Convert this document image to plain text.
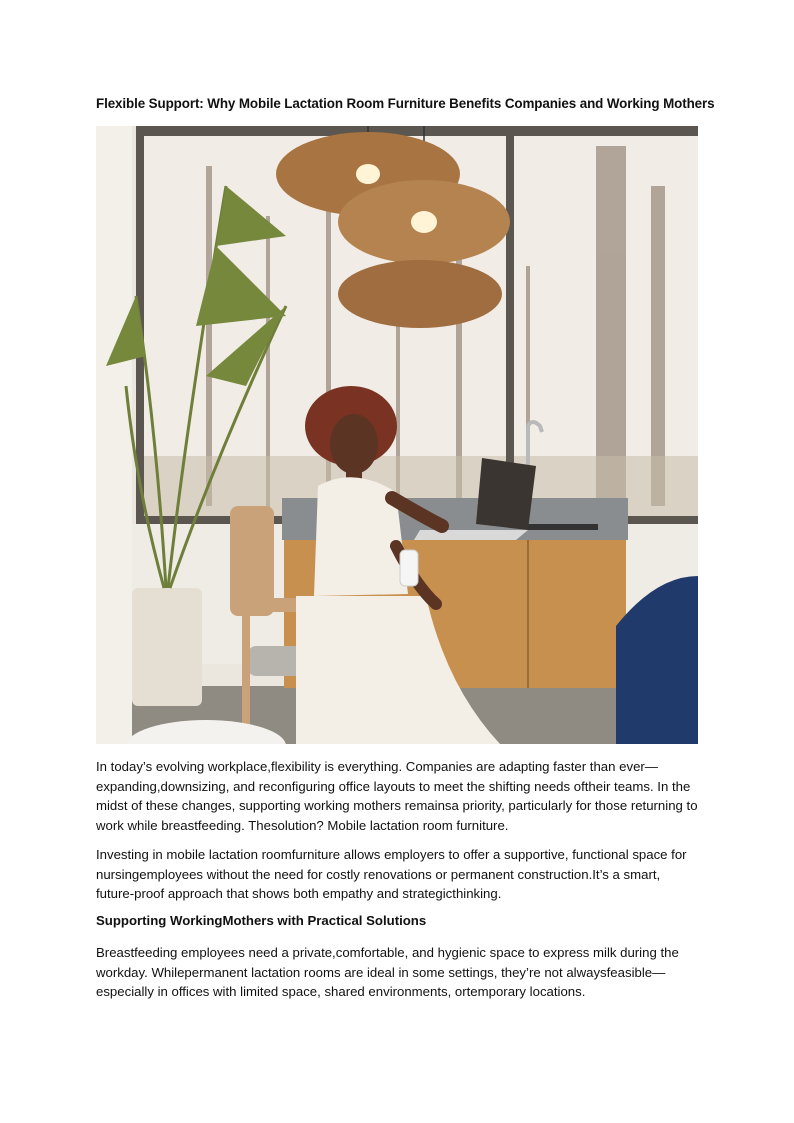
Flexible Support: Why Mobile Lactation Room Furniture Benefits Companies and Working Mothers

In today’s evolving workplace,flexibility is everything. Companies are adapting faster than ever—expanding,downsizing, and reconfiguring office layouts to meet the shifting needs oftheir teams. In the midst of these changes, supporting working mothers remainsa priority, particularly for those returning to work while breastfeeding. Thesolution? Mobile lactation room furniture.

Investing in mobile lactation roomfurniture allows employers to offer a supportive, functional space for nursingemployees without the need for costly renovations or permanent construction.It’s a smart, future-proof approach that shows both empathy and strategicthinking.

Supporting WorkingMothers with Practical Solutions

Breastfeeding employees need a private,comfortable, and hygienic space to express milk during the workday. Whilepermanent lactation rooms are ideal in some settings, they’re not alwaysfeasible—especially in offices with limited space, shared environments, ortemporary locations.
